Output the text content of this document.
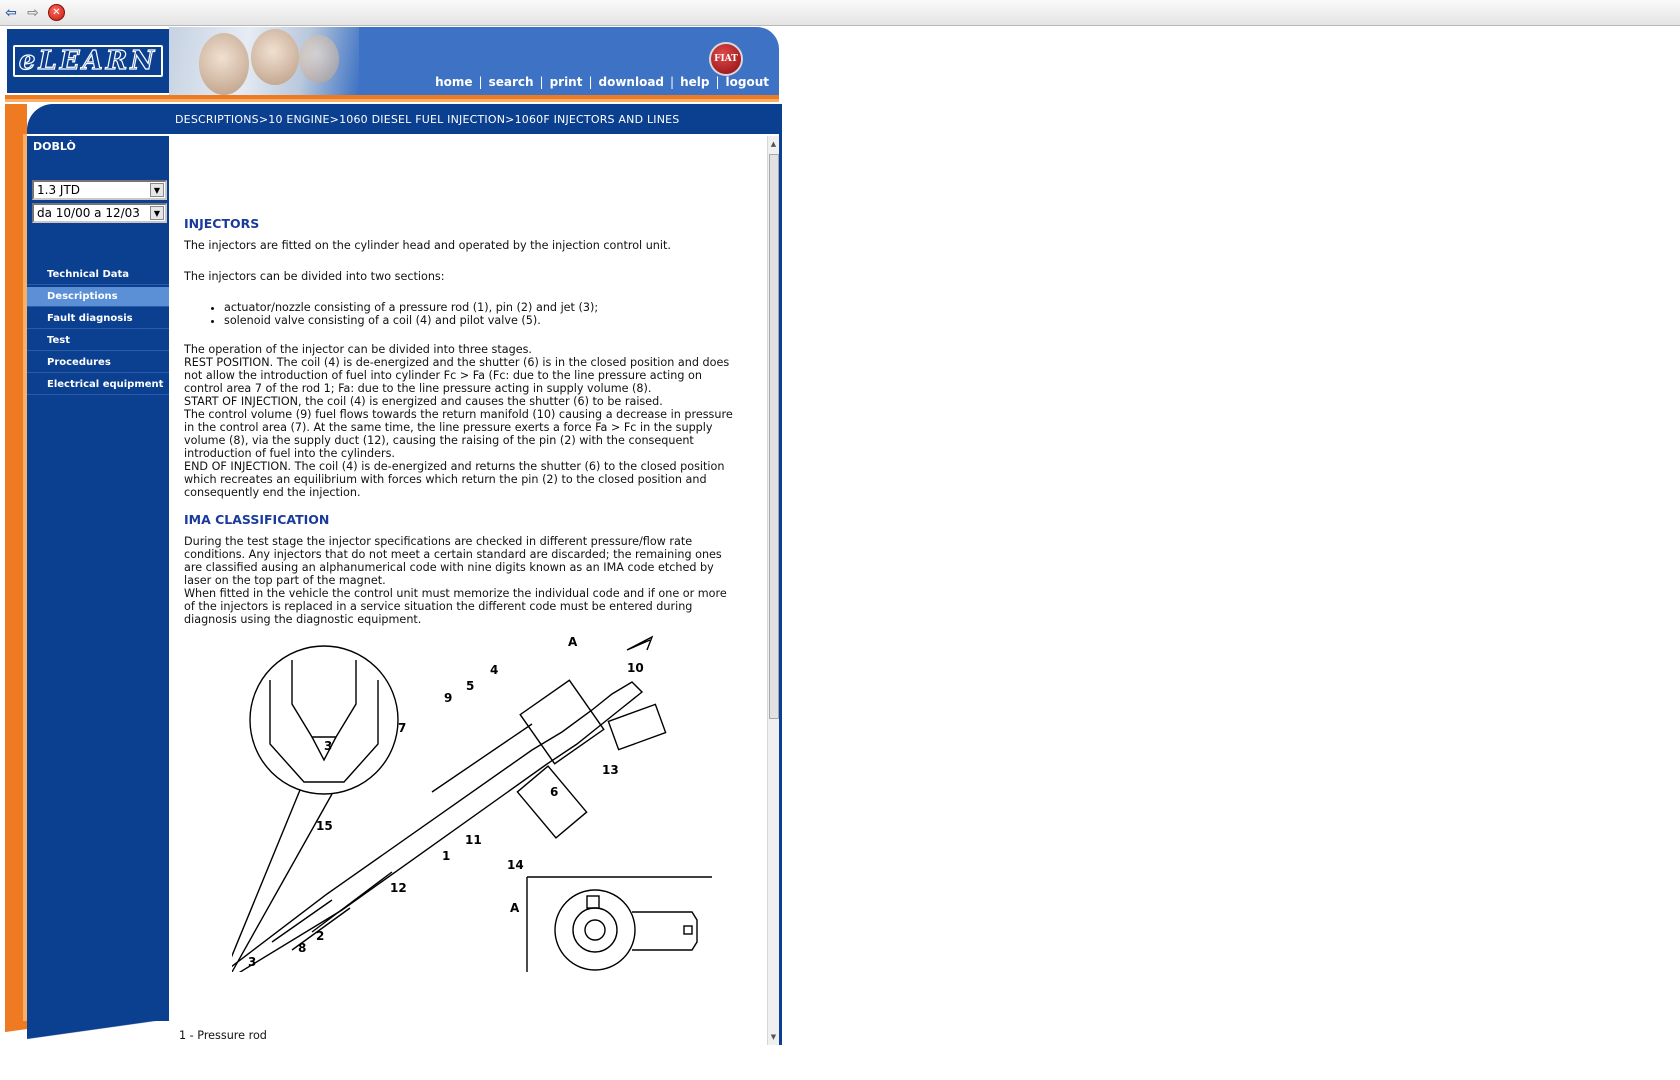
⇦ ⇨	✕
eLEARN	FIAT
home | search | print | download | help | logout
DESCRIPTIONS>10 ENGINE>1060 DIESEL FUEL INJECTION>1060F INJECTORS AND LINES
DOBLÒ
1.3 JTD	▼
da 10/00 a 12/03	▼
Technical Data
Descriptions
Fault diagnosis
Test
Procedures
Electrical equipment
INJECTORS
The injectors are fitted on the cylinder head and operated by the injection control unit.
The injectors can be divided into two sections:
• actuator/nozzle consisting of a pressure rod (1), pin (2) and jet (3);
• solenoid valve consisting of a coil (4) and pilot valve (5).
The operation of the injector can be divided into three stages.
REST POSITION. The coil (4) is de-energized and the shutter (6) is in the closed position and does
not allow the introduction of fuel into cylinder Fc > Fa (Fc: due to the line pressure acting on
control area 7 of the rod 1; Fa: due to the line pressure acting in supply volume (8).
START OF INJECTION, the coil (4) is energized and causes the shutter (6) to be raised.
The control volume (9) fuel flows towards the return manifold (10) causing a decrease in pressure
in the control area (7). At the same time, the line pressure exerts a force Fa > Fc in the supply
volume (8), via the supply duct (12), causing the raising of the pin (2) with the consequent
introduction of fuel into the cylinders.
END OF INJECTION. The coil (4) is de-energized and returns the shutter (6) to the closed position
which recreates an equilibrium with forces which return the pin (2) to the closed position and
consequently end the injection.
IMA CLASSIFICATION
During the test stage the injector specifications are checked in different pressure/flow rate
conditions. Any injectors that do not meet a certain standard are discarded; the remaining ones
are classified ausing an alphanumerical code with nine digits known as an IMA code etched by
laser on the top part of the magnet.
When fitted in the vehicle the control unit must memorize the individual code and if one or more
of the injectors is replaced in a service situation the different code must be entered during
diagnosis using the diagnostic equipment.
▲
▼
A
10
4
5
9
7
3
13
6
15
11
1
14
12
2
8
3
A
1 - Pressure rod
